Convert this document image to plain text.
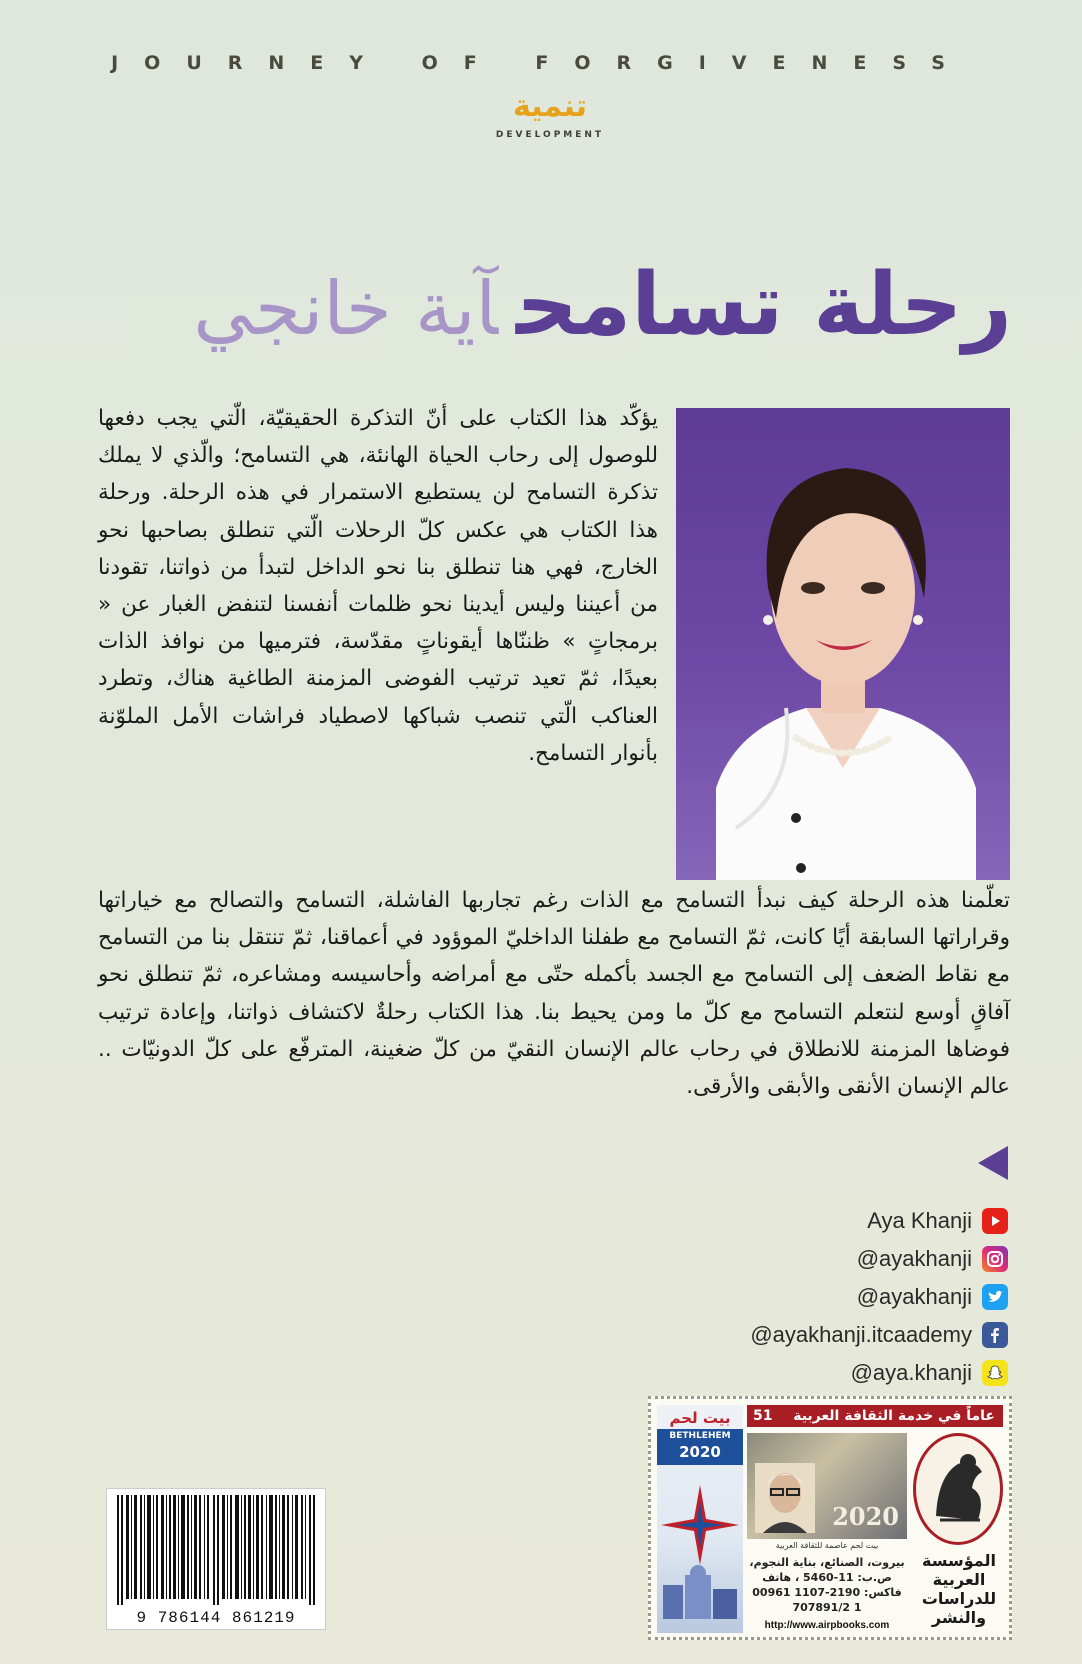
JOURNEY OF FORGIVENESS
تنمية
DEVELOPMENT
رحلة تسامحآية خانجي

يؤكّد هذا الكتاب على أنّ التذكرة الحقيقيّة، الّتي يجب دفعها للوصول إلى رحاب الحياة الهانئة، هي التسامح؛ والّذي لا يملك تذكرة التسامح لن يستطيع الاستمرار في هذه الرحلة. ورحلة هذا الكتاب هي عكس كلّ الرحلات الّتي تنطلق بصاحبها نحو الخارج، فهي هنا تنطلق بنا نحو الداخل لتبدأ من ذواتنا، تقودنا من أعيننا وليس أيدينا نحو ظلمات أنفسنا لتنفض الغبار عن « برمجاتٍ » ظننّاها أيقوناتٍ مقدّسة، فترميها من نوافذ الذات بعيدًا، ثمّ تعيد ترتيب الفوضى المزمنة الطاغية هناك، وتطرد العناكب الّتي تنصب شباكها لاصطياد فراشات الأمل الملوّنة بأنوار التسامح.

تعلّمنا هذه الرحلة كيف نبدأ التسامح مع الذات رغم تجاربها الفاشلة، التسامح والتصالح مع خياراتها وقراراتها السابقة أيًا كانت، ثمّ التسامح مع طفلنا الداخليّ الموؤود في أعماقنا، ثمّ تنتقل بنا من التسامح مع نقاط الضعف إلى التسامح مع الجسد بأكمله حتّى مع أمراضه وأحاسيسه ومشاعره، ثمّ تنطلق نحو آفاقٍ أوسع لنتعلم التسامح مع كلّ ما ومن يحيط بنا. هذا الكتاب رحلةٌ لاكتشاف ذواتنا، وإعادة ترتيب فوضاها المزمنة للانطلاق في رحاب عالم الإنسان النقيّ من كلّ ضغينة، المترفّع على كلّ الدونيّات .. عالم الإنسان الأنقى والأبقى والأرقى.

Aya Khanji
@ayakhanji
@ayakhanji
@ayakhanji.itcaademy
@aya.khanji
9 786144 861219
بيت لحم
BETHLEHEM
2020
عاماً في خدمة الثقافة العربية
51
2020
بيت لحم عاصمة للثقافة العربية
بيروت، الصنائع، بناية النجوم، ص.ب: 11-5460 ، هاتف فاكس: 2190-1107 00961 1 707891/2
المؤسسة العربية للدراسات والنشر
http://www.airpbooks.com
